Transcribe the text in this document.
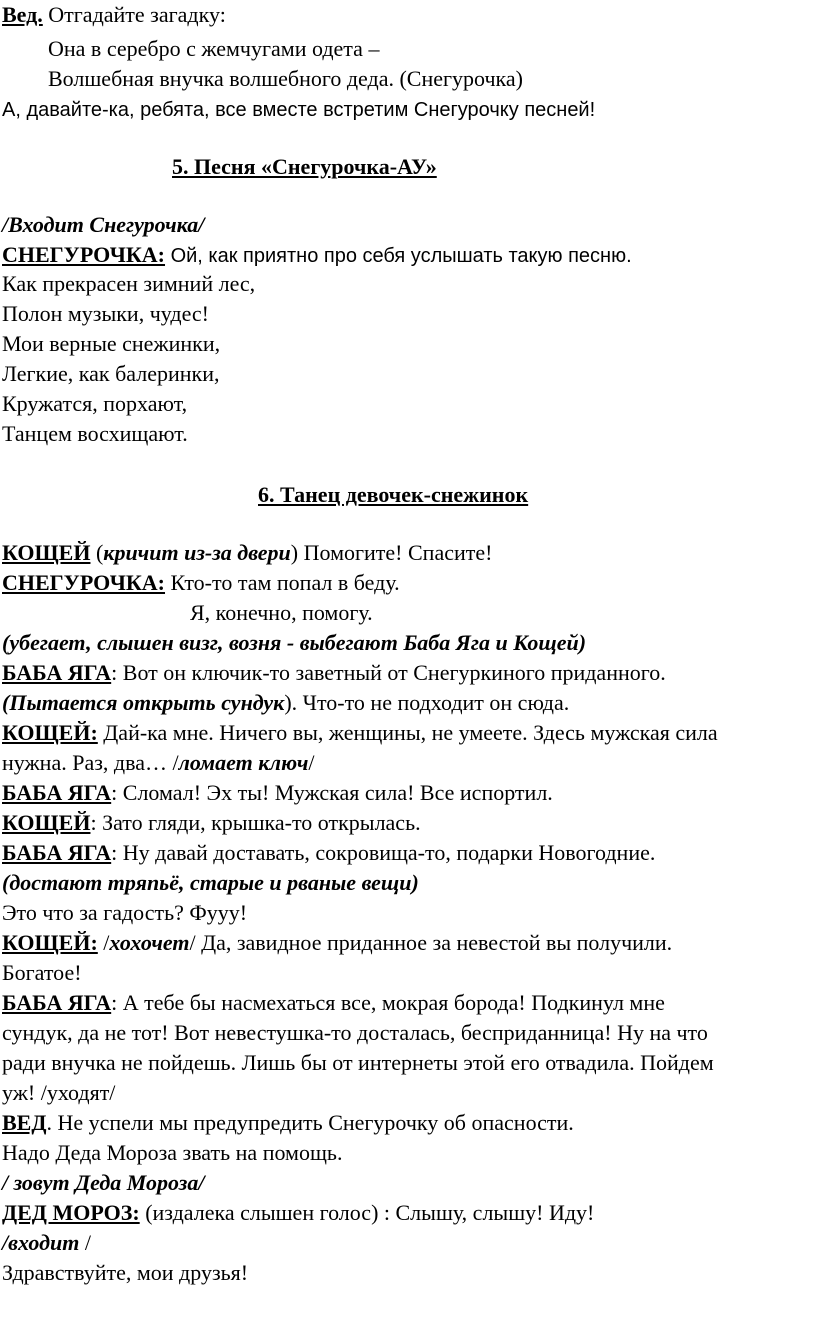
Вед. Отгадайте загадку:
Она в серебро с жемчугами одета –
Волшебная внучка волшебного деда. (Снегурочка)
А, давайте-ка, ребята, все вместе встретим Снегурочку песней!
5. Песня «Снегурочка-АУ»
/Входит Снегурочка/
СНЕГУРОЧКА: Ой, как приятно про себя услышать такую песню.
Как прекрасен зимний лес,
Полон музыки, чудес!
Мои верные снежинки,
Легкие, как балеринки,
Кружатся, порхают,
Танцем восхищают.
6. Танец девочек-снежинок
КОЩЕЙ (кричит из-за двери) Помогите! Спасите!
СНЕГУРОЧКА: Кто-то там попал в беду.
Я, конечно, помогу.
(убегает, слышен визг, возня - выбегают Баба Яга и Кощей)
БАБА ЯГА: Вот он ключик-то заветный от Снегуркиного приданного.
(Пытается открыть сундук). Что-то не подходит он сюда.
КОЩЕЙ: Дай-ка мне. Ничего вы, женщины, не умеете. Здесь мужская сила
нужна. Раз, два… /ломает ключ/
БАБА ЯГА: Сломал! Эх ты! Мужская сила! Все испортил.
КОЩЕЙ: Зато гляди, крышка-то открылась.
БАБА ЯГА: Ну давай доставать, сокровища-то, подарки Новогодние.
(достают тряпьё, старые и рваные вещи)
Это что за гадость? Фууу!
КОЩЕЙ: /хохочет/ Да, завидное приданное за невестой вы получили.
Богатое!
БАБА ЯГА: А тебе бы насмехаться все, мокрая борода! Подкинул мне
сундук, да не тот! Вот невестушка-то досталась, бесприданница! Ну на что
ради внучка не пойдешь. Лишь бы от интернеты этой его отвадила. Пойдем
уж! /уходят/
ВЕД. Не успели мы предупредить Снегурочку об опасности.
Надо Деда Мороза звать на помощь.
/ зовут Деда Мороза/
ДЕД МОРОЗ: (издалека слышен голос) : Слышу, слышу! Иду!
/входит /
Здравствуйте, мои друзья!
